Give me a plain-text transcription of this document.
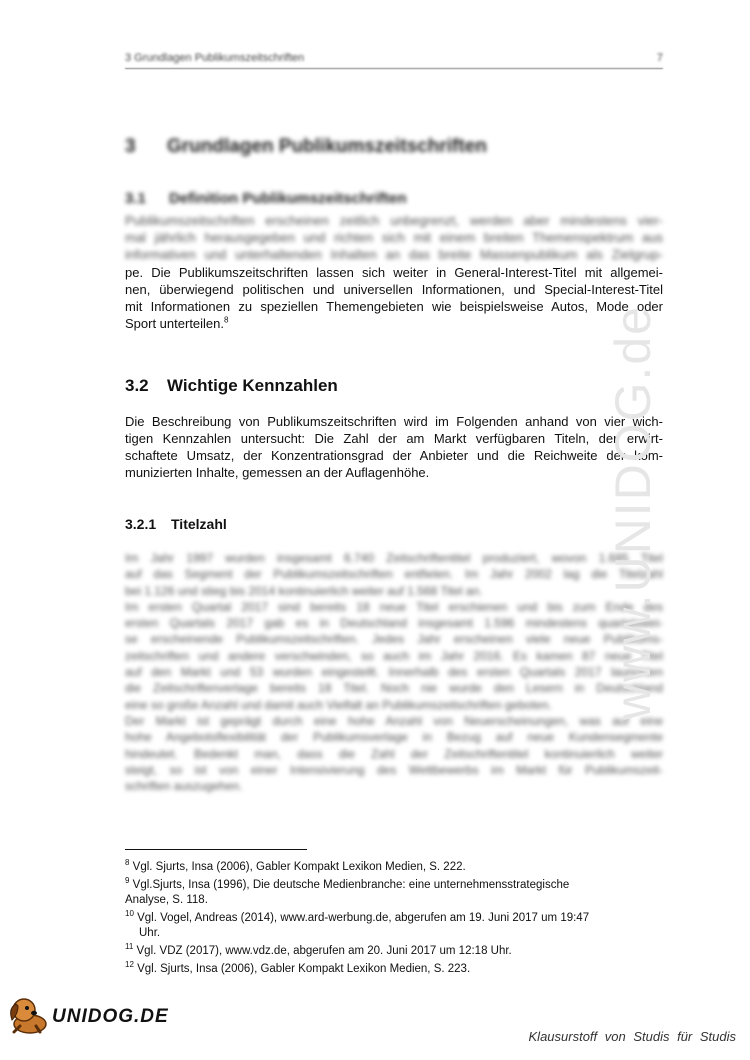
3 Grundlagen Publikumszeitschriften	7
3 Grundlagen Publikumszeitschriften
3.1 Definition Publikumszeitschriften
Publikumszeitschriften erscheinen zeitlich unbegrenzt, werden aber mindestens vier-
mal jährlich herausgegeben und richten sich mit einem breiten Themenspektrum aus
informativen und unterhaltenden Inhalten an das breite Massenpublikum als Zielgrup-
pe. Die Publikumszeitschriften lassen sich weiter in General-Interest-Titel mit allgemei-
nen, überwiegend politischen und universellen Informationen, und Special-Interest-Titel
mit Informationen zu speziellen Themengebieten wie beispielsweise Autos, Mode oder
Sport unterteilen.$^8$
3.2 Wichtige Kennzahlen
Die Beschreibung von Publikumszeitschriften wird im Folgenden anhand von vier wich-
tigen Kennzahlen untersucht: Die Zahl der am Markt verfügbaren Titeln, der erwirt-
schaftete Umsatz, der Konzentrationsgrad der Anbieter und die Reichweite der kom-
munizierten Inhalte, gemessen an der Auflagenhöhe.
3.2.1 Titelzahl
Im Jahr 1997 wurden insgesamt 6.740 Zeitschriftentitel produziert, wovon 1.685 Titel
auf das Segment der Publikumszeitschriften entfielen. Im Jahr 2002 lag die Titelzahl
bei 1.126 und stieg bis 2014 kontinuierlich weiter auf 1.568 Titel an.
Im ersten Quartal 2017 sind bereits 18 neue Titel erschienen und bis zum Ende des
ersten Quartals 2017 gab es in Deutschland insgesamt 1.596 mindestens quartalswei-
se erscheinende Publikumszeitschriften. Jedes Jahr erscheinen viele neue Publikums-
zeitschriften und andere verschwinden, so auch im Jahr 2016. Es kamen 87 neue Titel
auf den Markt und 53 wurden eingestellt. Innerhalb des ersten Quartals 2017 launchten
die Zeitschriftenverlage bereits 18 Titel. Noch nie wurde den Lesern in Deutschland
eine so große Anzahl und damit auch Vielfalt an Publikumszeitschriften geboten.
Der Markt ist geprägt durch eine hohe Anzahl von Neuerscheinungen, was auf eine
hohe Angebotsflexibilität der Publikumsverlage in Bezug auf neue Kundensegmente
hindeutet. Bedenkt man, dass die Zahl der Zeitschriftentitel kontinuierlich weiter
steigt, so ist von einer Intensivierung des Wettbewerbs im Markt für Publikumszeit-
schriften auszugehen.
www.UNIDOG.de

$^8$ Vgl. Sjurts, Insa (2006), Gabler Kompakt Lexikon Medien, S. 222.

$^9$ Vgl.Sjurts, Insa (1996), Die deutsche Medienbranche: eine unternehmensstrategische
Analyse, S. 118.

$^{10}$ Vgl. Vogel, Andreas (2014), www.ard-werbung.de, abgerufen am 19. Juni 2017 um 19:47
Uhr.

$^{11}$ Vgl. VDZ (2017), www.vdz.de, abgerufen am 20. Juni 2017 um 12:18 Uhr.

$^{12}$ Vgl. Sjurts, Insa (2006), Gabler Kompakt Lexikon Medien, S. 223.

UNIDOG.DE
Klausurstoff von Studis für Studis
